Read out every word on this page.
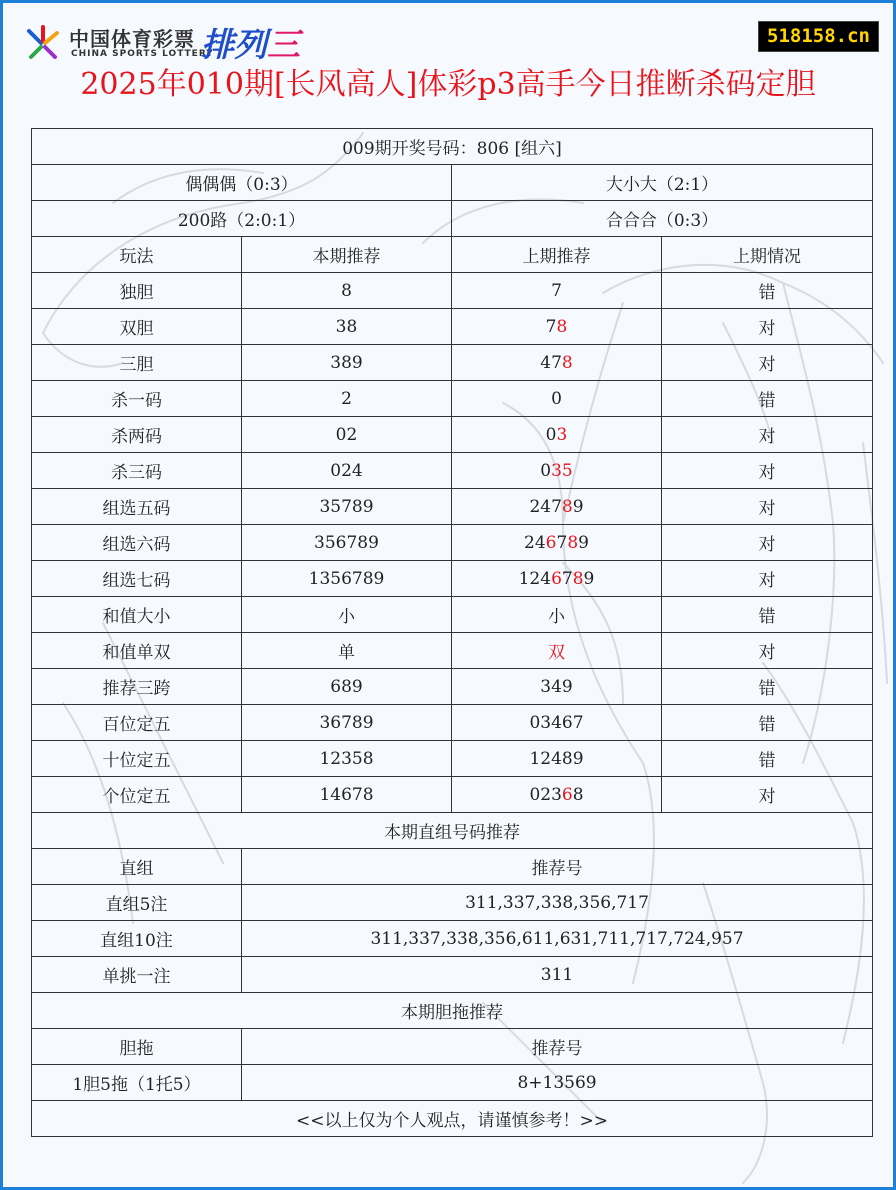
中国体育彩票
CHINA SPORTS LOTTERY
排列三	518158.cn
2025年010期[长风高人]体彩p3高手今日推断杀码定胆
009期开奖号码：806 [组六]			
偶偶偶（0:3）		大小大（2:1）	
200路（2:0:1）		合合合（0:3）	
玩法	本期推荐	上期推荐	上期情况
独胆	8	7	错
双胆	38	78	对
三胆	389	478	对
杀一码	2	0	错
杀两码	02	03	对
杀三码	024	035	对
组选五码	35789	24789	对
组选六码	356789	246789	对
组选七码	1356789	1246789	对
和值大小	小	小	错
和值单双	单	双	对
推荐三跨	689	349	错
百位定五	36789	03467	错
十位定五	12358	12489	错
个位定五	14678	02368	对
本期直组号码推荐			
直组	推荐号		
直组5注	311,337,338,356,717		
直组10注	311,337,338,356,611,631,711,717,724,957		
单挑一注	311		
本期胆拖推荐			
胆拖	推荐号		
1胆5拖（1托5）	8+13569		
<<以上仅为个人观点，请谨慎参考！>>			
